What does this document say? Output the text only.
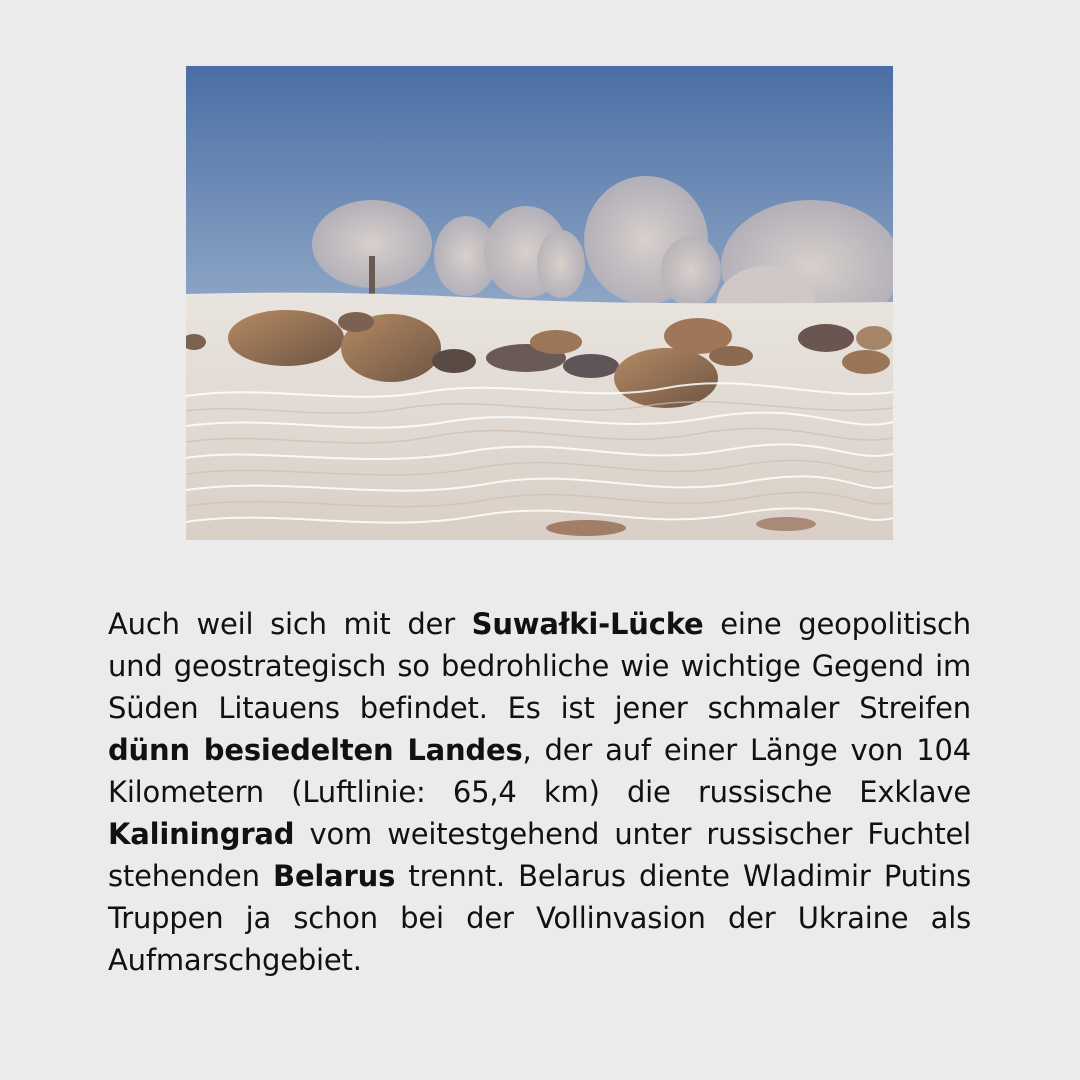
Auch weil sich mit der Suwałki-Lücke eine geopolitisch und geostrategisch so bedrohliche wie wichtige Gegend im Süden Litauens befindet. Es ist jener schmaler Streifen dünn besiedelten Landes, der auf einer Länge von 104 Kilometern (Luftlinie: 65,4 km) die russische Exklave Kaliningrad vom weitestgehend unter russischer Fuchtel stehenden Belarus trennt. Belarus diente Wladimir Putins Truppen ja schon bei der Vollinvasion der Ukraine als Aufmarschgebiet.
